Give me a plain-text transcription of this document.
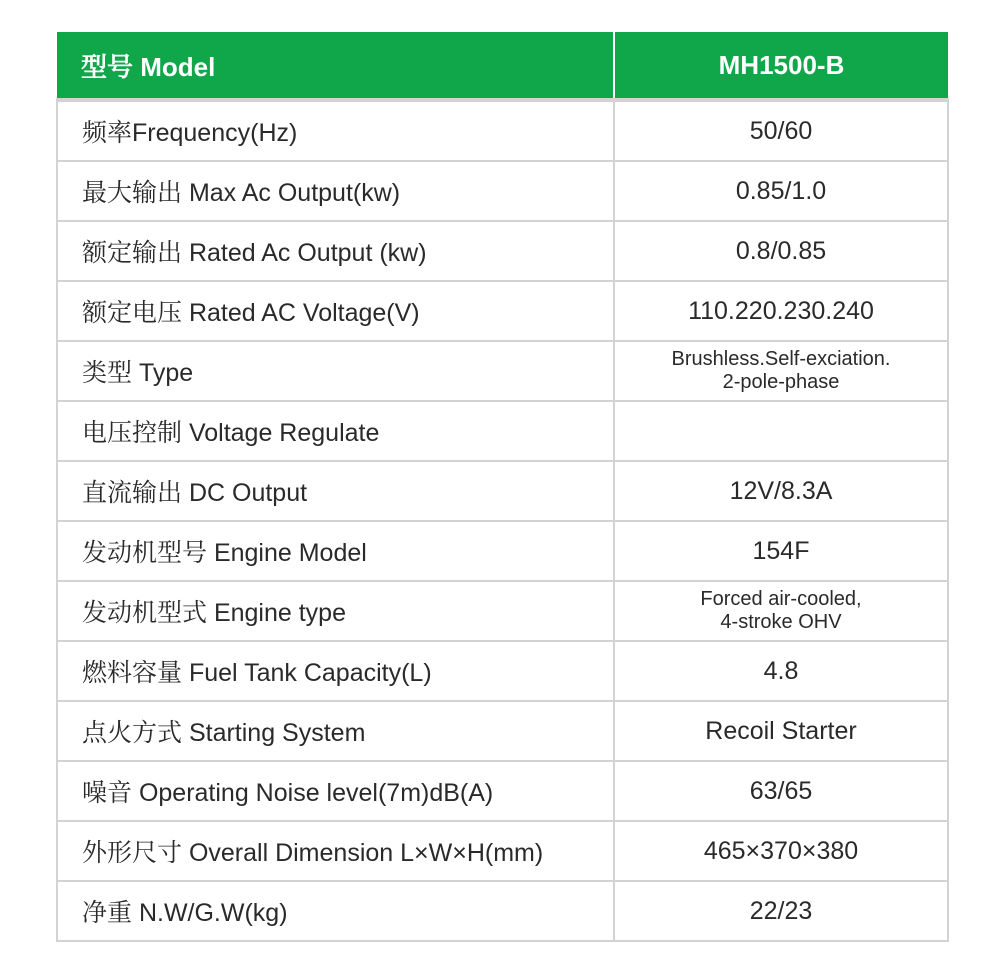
型号 Model	MH1500-B
频率Frequency(Hz)	50/60
最大输出 Max Ac Output(kw)	0.85/1.0
额定输出 Rated Ac Output (kw)	0.8/0.85
额定电压 Rated AC Voltage(V)	110.220.230.240
类型 Type	Brushless.Self-exciation.
2-pole-phase

电压控制 Voltage Regulate	
直流输出 DC Output	12V/8.3A
发动机型号 Engine Model	154F
发动机型式 Engine type	Forced air-cooled,
4-stroke OHV

燃料容量 Fuel Tank Capacity(L)	4.8
点火方式 Starting System	Recoil Starter
噪音 Operating Noise level(7m)dB(A)	63/65
外形尺寸 Overall Dimension L×W×H(mm)	465×370×380
净重 N.W/G.W(kg)	22/23
